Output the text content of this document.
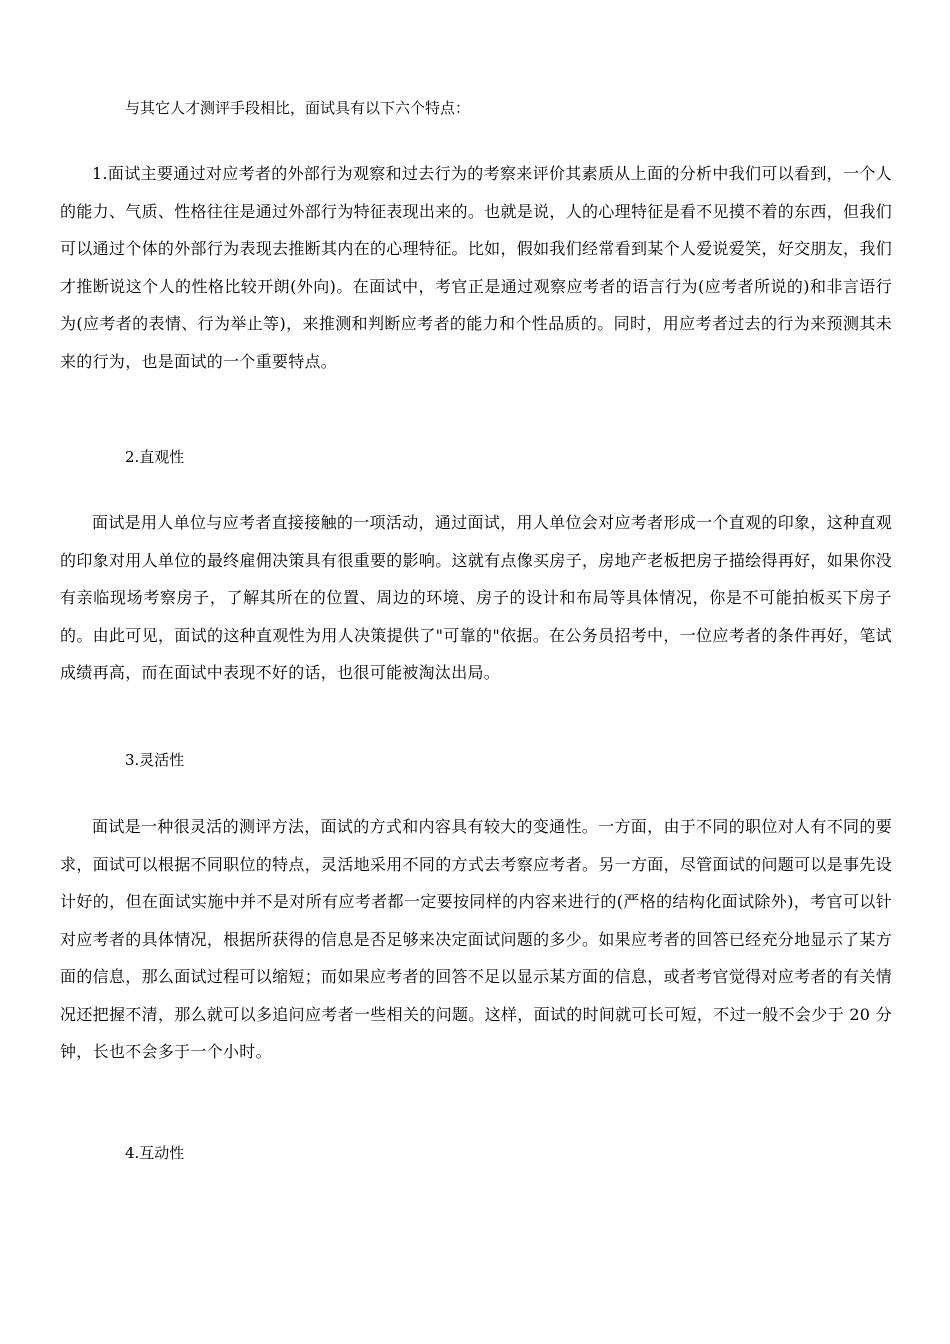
与其它人才测评手段相比，面试具有以下六个特点：

1.面试主要通过对应考者的外部行为观察和过去行为的考察来评价其素质从上面的分析中我们可以看到，一个人的能力、气质、性格往往是通过外部行为特征表现出来的。也就是说，人的心理特征是看不见摸不着的东西，但我们可以通过个体的外部行为表现去推断其内在的心理特征。比如，假如我们经常看到某个人爱说爱笑，好交朋友，我们才推断说这个人的性格比较开朗(外向)。在面试中，考官正是通过观察应考者的语言行为(应考者所说的)和非言语行为(应考者的表情、行为举止等)，来推测和判断应考者的能力和个性品质的。同时，用应考者过去的行为来预测其未来的行为，也是面试的一个重要特点。

2.直观性

面试是用人单位与应考者直接接触的一项活动，通过面试，用人单位会对应考者形成一个直观的印象，这种直观的印象对用人单位的最终雇佣决策具有很重要的影响。这就有点像买房子，房地产老板把房子描绘得再好，如果你没有亲临现场考察房子，了解其所在的位置、周边的环境、房子的设计和布局等具体情况，你是不可能拍板买下房子的。由此可见，面试的这种直观性为用人决策提供了"可靠的"依据。在公务员招考中，一位应考者的条件再好，笔试成绩再高，而在面试中表现不好的话，也很可能被淘汰出局。

3.灵活性

面试是一种很灵活的测评方法，面试的方式和内容具有较大的变通性。一方面，由于不同的职位对人有不同的要求，面试可以根据不同职位的特点，灵活地采用不同的方式去考察应考者。另一方面，尽管面试的问题可以是事先设计好的，但在面试实施中并不是对所有应考者都一定要按同样的内容来进行的(严格的结构化面试除外)，考官可以针对应考者的具体情况，根据所获得的信息是否足够来决定面试问题的多少。如果应考者的回答已经充分地显示了某方面的信息，那么面试过程可以缩短；而如果应考者的回答不足以显示某方面的信息，或者考官觉得对应考者的有关情况还把握不清，那么就可以多追问应考者一些相关的问题。这样，面试的时间就可长可短，不过一般不会少于 20 分钟，长也不会多于一个小时。

4.互动性
